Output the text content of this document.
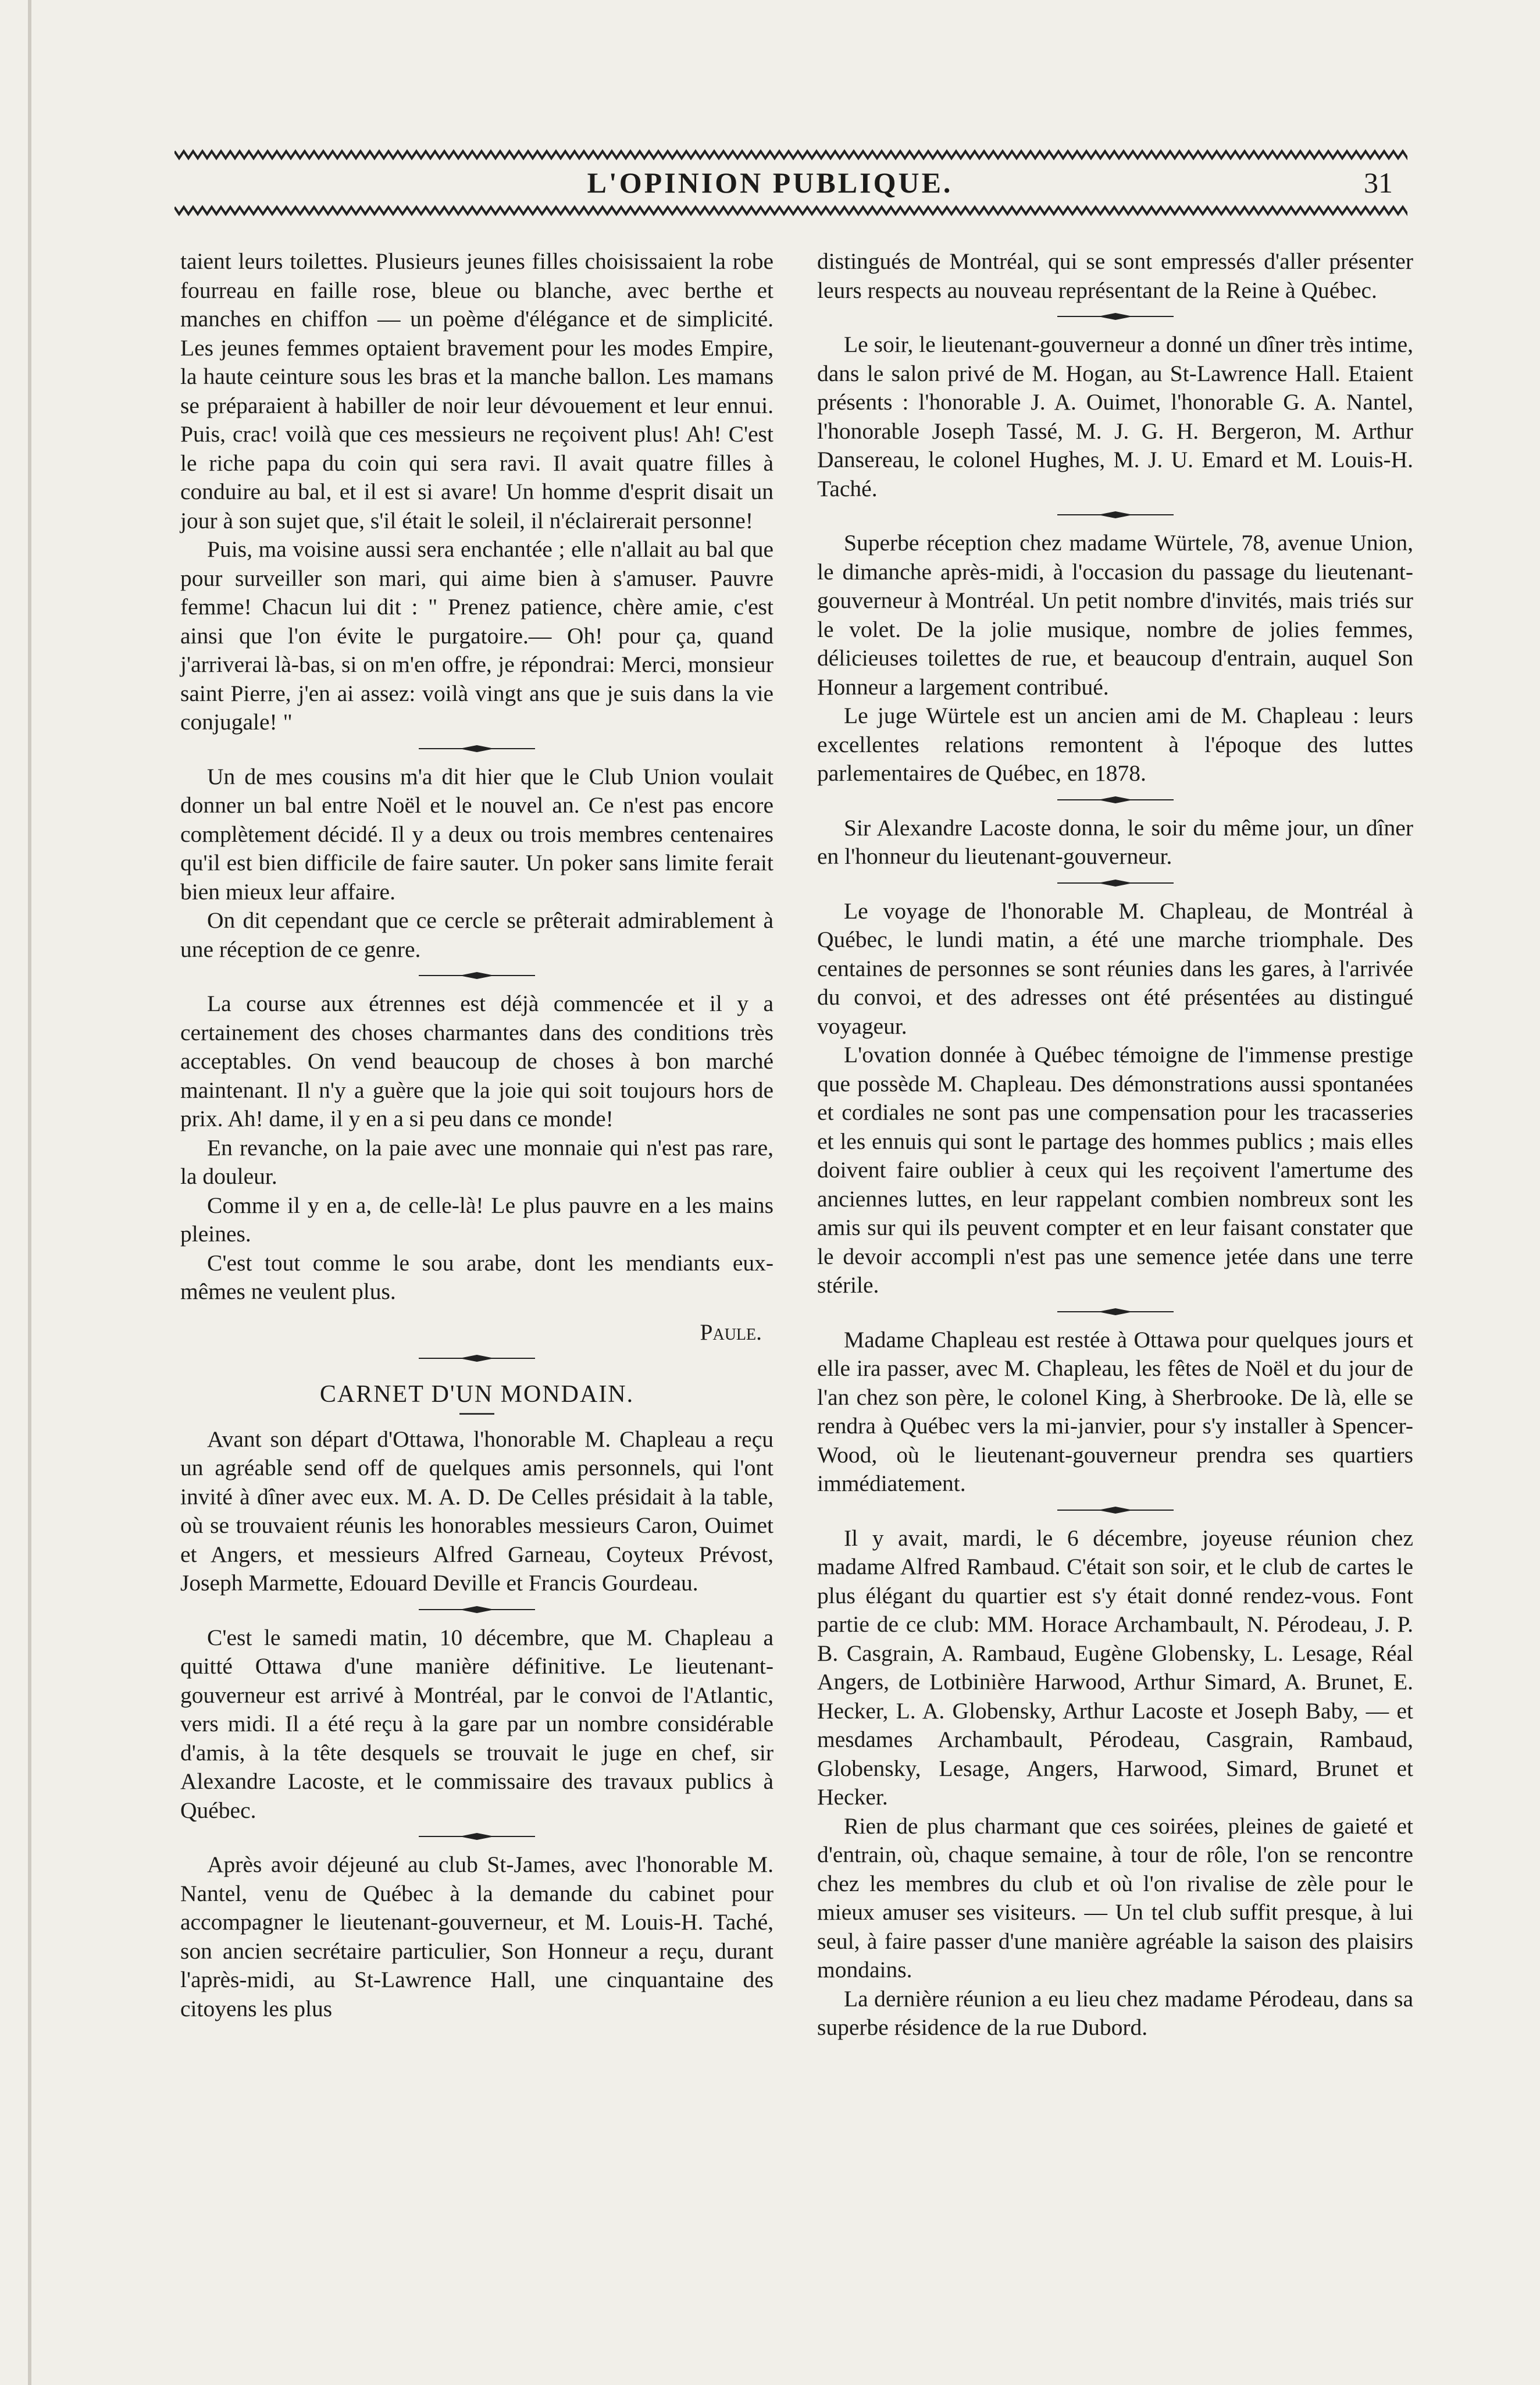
L'OPINION PUBLIQUE.	31

taient leurs toilettes. Plusieurs jeunes filles choisissaient la robe fourreau en faille rose, bleue ou blanche, avec berthe et manches en chiffon — un poème d'élégance et de simplicité. Les jeunes femmes optaient bravement pour les modes Empire, la haute ceinture sous les bras et la manche ballon. Les mamans se préparaient à habiller de noir leur dévouement et leur ennui. Puis, crac! voilà que ces messieurs ne reçoivent plus! Ah! C'est le riche papa du coin qui sera ravi. Il avait quatre filles à conduire au bal, et il est si avare! Un homme d'esprit disait un jour à son sujet que, s'il était le soleil, il n'éclairerait personne!

Puis, ma voisine aussi sera enchantée ; elle n'allait au bal que pour surveiller son mari, qui aime bien à s'amuser. Pauvre femme! Chacun lui dit : " Prenez patience, chère amie, c'est ainsi que l'on évite le purgatoire.— Oh! pour ça, quand j'arriverai là-bas, si on m'en offre, je répondrai: Merci, monsieur saint Pierre, j'en ai assez: voilà vingt ans que je suis dans la vie conjugale! "

Un de mes cousins m'a dit hier que le Club Union voulait donner un bal entre Noël et le nouvel an. Ce n'est pas encore complètement décidé. Il y a deux ou trois membres centenaires qu'il est bien difficile de faire sauter. Un poker sans limite ferait bien mieux leur affaire.

On dit cependant que ce cercle se prêterait admirablement à une réception de ce genre.

La course aux étrennes est déjà commencée et il y a certainement des choses charmantes dans des conditions très acceptables. On vend beaucoup de choses à bon marché maintenant. Il n'y a guère que la joie qui soit toujours hors de prix. Ah! dame, il y en a si peu dans ce monde!

En revanche, on la paie avec une monnaie qui n'est pas rare, la douleur.

Comme il y en a, de celle-là! Le plus pauvre en a les mains pleines.

C'est tout comme le sou arabe, dont les mendiants eux-mêmes ne veulent plus.

Paule.
CARNET D'UN MONDAIN.

Avant son départ d'Ottawa, l'honorable M. Chapleau a reçu un agréable send off de quelques amis personnels, qui l'ont invité à dîner avec eux. M. A. D. De Celles présidait à la table, où se trouvaient réunis les honorables messieurs Caron, Ouimet et Angers, et messieurs Alfred Garneau, Coyteux Prévost, Joseph Marmette, Edouard Deville et Francis Gourdeau.

C'est le samedi matin, 10 décembre, que M. Chapleau a quitté Ottawa d'une manière définitive. Le lieutenant-gouverneur est arrivé à Montréal, par le convoi de l'Atlantic, vers midi. Il a été reçu à la gare par un nombre considérable d'amis, à la tête desquels se trouvait le juge en chef, sir Alexandre Lacoste, et le commissaire des travaux publics à Québec.

Après avoir déjeuné au club St-James, avec l'honorable M. Nantel, venu de Québec à la demande du cabinet pour accompagner le lieutenant-gouverneur, et M. Louis-H. Taché, son ancien secrétaire particulier, Son Honneur a reçu, durant l'après-midi, au St-Lawrence Hall, une cinquantaine des citoyens les plus

distingués de Montréal, qui se sont empressés d'aller présenter leurs respects au nouveau représentant de la Reine à Québec.

Le soir, le lieutenant-gouverneur a donné un dîner très intime, dans le salon privé de M. Hogan, au St-Lawrence Hall. Etaient présents : l'honorable J. A. Ouimet, l'honorable G. A. Nantel, l'honorable Joseph Tassé, M. J. G. H. Bergeron, M. Arthur Dansereau, le colonel Hughes, M. J. U. Emard et M. Louis-H. Taché.

Superbe réception chez madame Würtele, 78, avenue Union, le dimanche après-midi, à l'occasion du passage du lieutenant-gouverneur à Montréal. Un petit nombre d'invités, mais triés sur le volet. De la jolie musique, nombre de jolies femmes, délicieuses toilettes de rue, et beaucoup d'entrain, auquel Son Honneur a largement contribué.

Le juge Würtele est un ancien ami de M. Chapleau : leurs excellentes relations remontent à l'époque des luttes parlementaires de Québec, en 1878.

Sir Alexandre Lacoste donna, le soir du même jour, un dîner en l'honneur du lieutenant-gouverneur.

Le voyage de l'honorable M. Chapleau, de Montréal à Québec, le lundi matin, a été une marche triomphale. Des centaines de personnes se sont réunies dans les gares, à l'arrivée du convoi, et des adresses ont été présentées au distingué voyageur.

L'ovation donnée à Québec témoigne de l'immense prestige que possède M. Chapleau. Des démonstrations aussi spontanées et cordiales ne sont pas une compensation pour les tracasseries et les ennuis qui sont le partage des hommes publics ; mais elles doivent faire oublier à ceux qui les reçoivent l'amertume des anciennes luttes, en leur rappelant combien nombreux sont les amis sur qui ils peuvent compter et en leur faisant constater que le devoir accompli n'est pas une semence jetée dans une terre stérile.

Madame Chapleau est restée à Ottawa pour quelques jours et elle ira passer, avec M. Chapleau, les fêtes de Noël et du jour de l'an chez son père, le colonel King, à Sherbrooke. De là, elle se rendra à Québec vers la mi-janvier, pour s'y installer à Spencer-Wood, où le lieutenant-gouverneur prendra ses quartiers immédiatement.

Il y avait, mardi, le 6 décembre, joyeuse réunion chez madame Alfred Rambaud. C'était son soir, et le club de cartes le plus élégant du quartier est s'y était donné rendez-vous. Font partie de ce club: MM. Horace Archambault, N. Pérodeau, J. P. B. Casgrain, A. Rambaud, Eugène Globensky, L. Lesage, Réal Angers, de Lotbinière Harwood, Arthur Simard, A. Brunet, E. Hecker, L. A. Globensky, Arthur Lacoste et Joseph Baby, — et mesdames Archambault, Pérodeau, Casgrain, Rambaud, Globensky, Lesage, Angers, Harwood, Simard, Brunet et Hecker.

Rien de plus charmant que ces soirées, pleines de gaieté et d'entrain, où, chaque semaine, à tour de rôle, l'on se rencontre chez les membres du club et où l'on rivalise de zèle pour le mieux amuser ses visiteurs. — Un tel club suffit presque, à lui seul, à faire passer d'une manière agréable la saison des plaisirs mondains.

La dernière réunion a eu lieu chez madame Pérodeau, dans sa superbe résidence de la rue Dubord.
